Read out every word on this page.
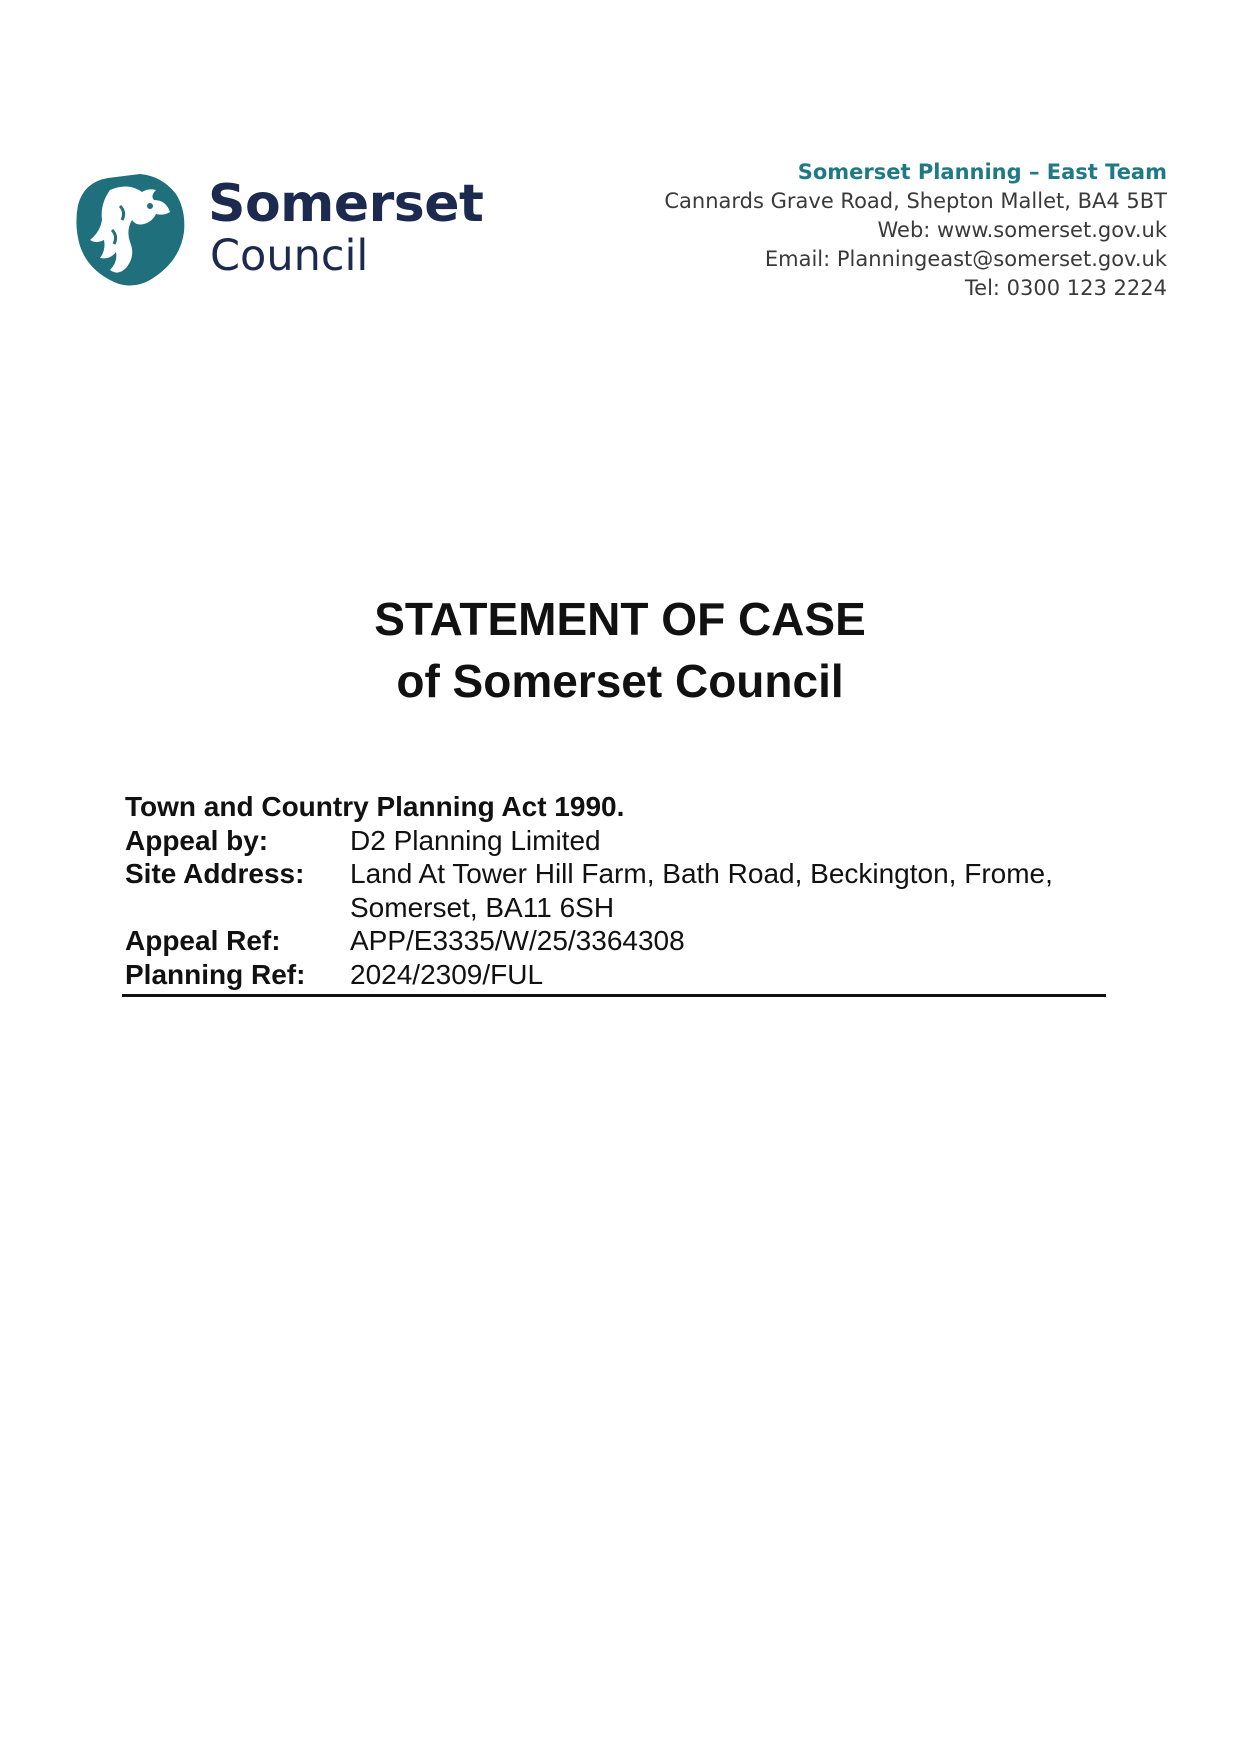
Somerset
Council
Somerset Planning – East Team
Cannards Grave Road, Shepton Mallet, BA4 5BT
Web: www.somerset.gov.uk
Email: Planningeast@somerset.gov.uk
Tel: 0300 123 2224
STATEMENT OF CASE
of Somerset Council
Town and Country Planning Act 1990.
Appeal by:	D2 Planning Limited
Site Address:	Land At Tower Hill Farm, Bath Road, Beckington, Frome, Somerset, BA11 6SH
Appeal Ref:	APP/E3335/W/25/3364308
Planning Ref:	2024/2309/FUL
